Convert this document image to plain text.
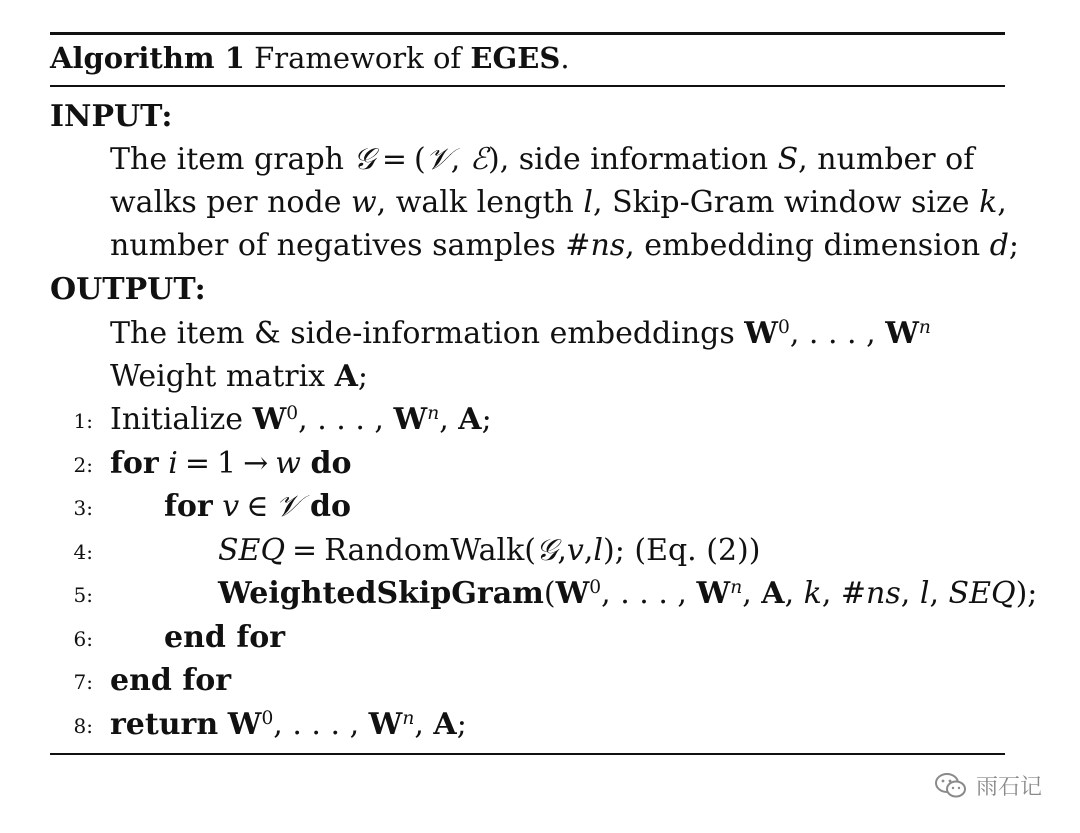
Algorithm 1 Framework of EGES.
INPUT:
The item graph 𝒢 = (𝒱, ℰ), side information S, number of
walks per node w, walk length l, Skip-Gram window size k,
number of negatives samples #ns, embedding dimension d;
OUTPUT:
The item & side-information embeddings $W^0$, . . . , $W^n$
Weight matrix A;
1: Initialize $W^0$, . . . , $W^n$, A;
2: for i = 1 → w do
3: for v ∈ 𝒱 do
4:	SEQ = RandomWalk(𝒢,v,l); (Eq. (2))
5:	$WeightedSkipGram(W^0$, . . . , $W^n$, A, k, #ns, l, SEQ);
6: end for
7: end for
8: return $W^0$, . . . , $W^n$, A;
雨石记
